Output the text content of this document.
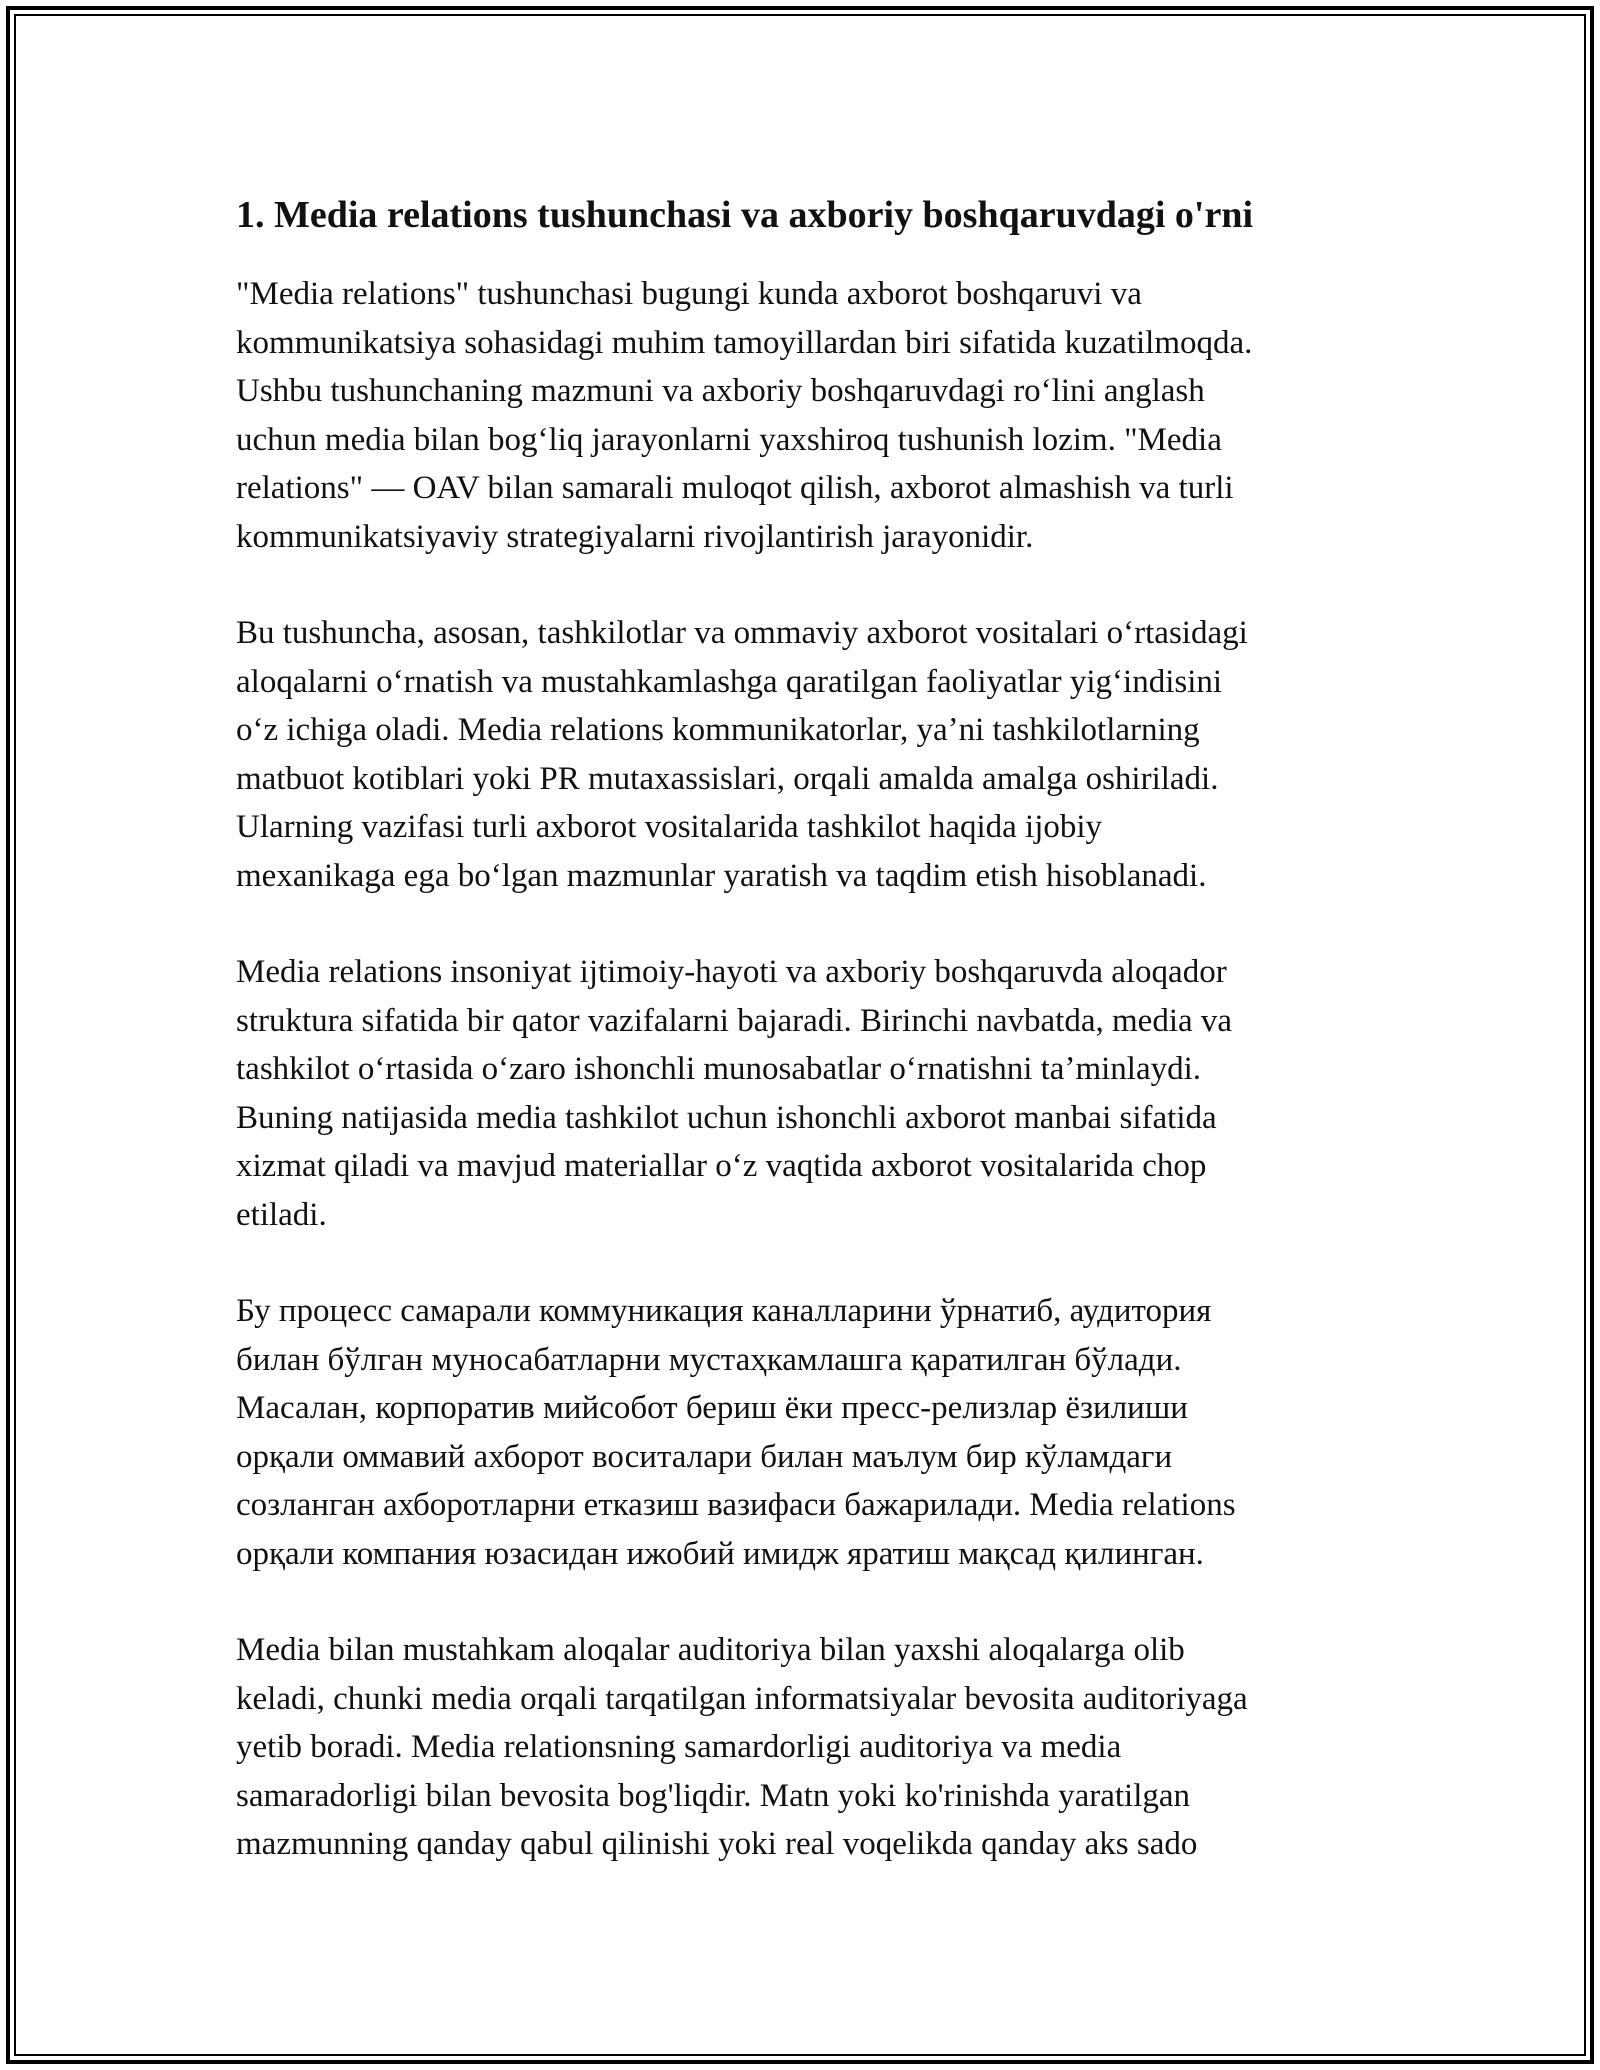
1. Media relations tushunchasi va axboriy boshqaruvdagi o'rni

"Media relations" tushunchasi bugungi kunda axborot boshqaruvi va
kommunikatsiya sohasidagi muhim tamoyillardan biri sifatida kuzatilmoqda.
Ushbu tushunchaning mazmuni va axboriy boshqaruvdagi roʻlini anglash
uchun media bilan bogʻliq jarayonlarni yaxshiroq tushunish lozim. "Media
relations" — OAV bilan samarali muloqot qilish, axborot almashish va turli
kommunikatsiyaviy strategiyalarni rivojlantirish jarayonidir.

Bu tushuncha, asosan, tashkilotlar va ommaviy axborot vositalari oʻrtasidagi
aloqalarni oʻrnatish va mustahkamlashga qaratilgan faoliyatlar yigʻindisini
oʻz ichiga oladi. Media relations kommunikatorlar, yaʼni tashkilotlarning
matbuot kotiblari yoki PR mutaxassislari, orqali amalda amalga oshiriladi.
Ularning vazifasi turli axborot vositalarida tashkilot haqida ijobiy
mexanikaga ega boʻlgan mazmunlar yaratish va taqdim etish hisoblanadi.

Media relations insoniyat ijtimoiy-hayoti va axboriy boshqaruvda aloqador
struktura sifatida bir qator vazifalarni bajaradi. Birinchi navbatda, media va
tashkilot oʻrtasida oʻzaro ishonchli munosabatlar oʻrnatishni taʼminlaydi.
Buning natijasida media tashkilot uchun ishonchli axborot manbai sifatida
xizmat qiladi va mavjud materiallar oʻz vaqtida axborot vositalarida chop
etiladi.

Бу процесс самарали коммуникация каналларини ўрнатиб, аудитория
билан бўлган муносабатларни мустаҳкамлашга қаратилган бўлади.
Масалан, корпоратив мийсобот бериш ёки пресс-релизлар ёзилиши
орқали оммавий ахборот воситалари билан маълум бир кўламдаги
созланган ахборотларни етказиш вазифаси бажарилади. Media relations
орқали компания юзасидан ижобий имидж яратиш мақсад қилинган.

Media bilan mustahkam aloqalar auditoriya bilan yaxshi aloqalarga olib
keladi, chunki media orqali tarqatilgan informatsiyalar bevosita auditoriyaga
yetib boradi. Media relationsning samardorligi auditoriya va media
samaradorligi bilan bevosita bog'liqdir. Matn yoki ko'rinishda yaratilgan
mazmunning qanday qabul qilinishi yoki real voqelikda qanday aks sado
